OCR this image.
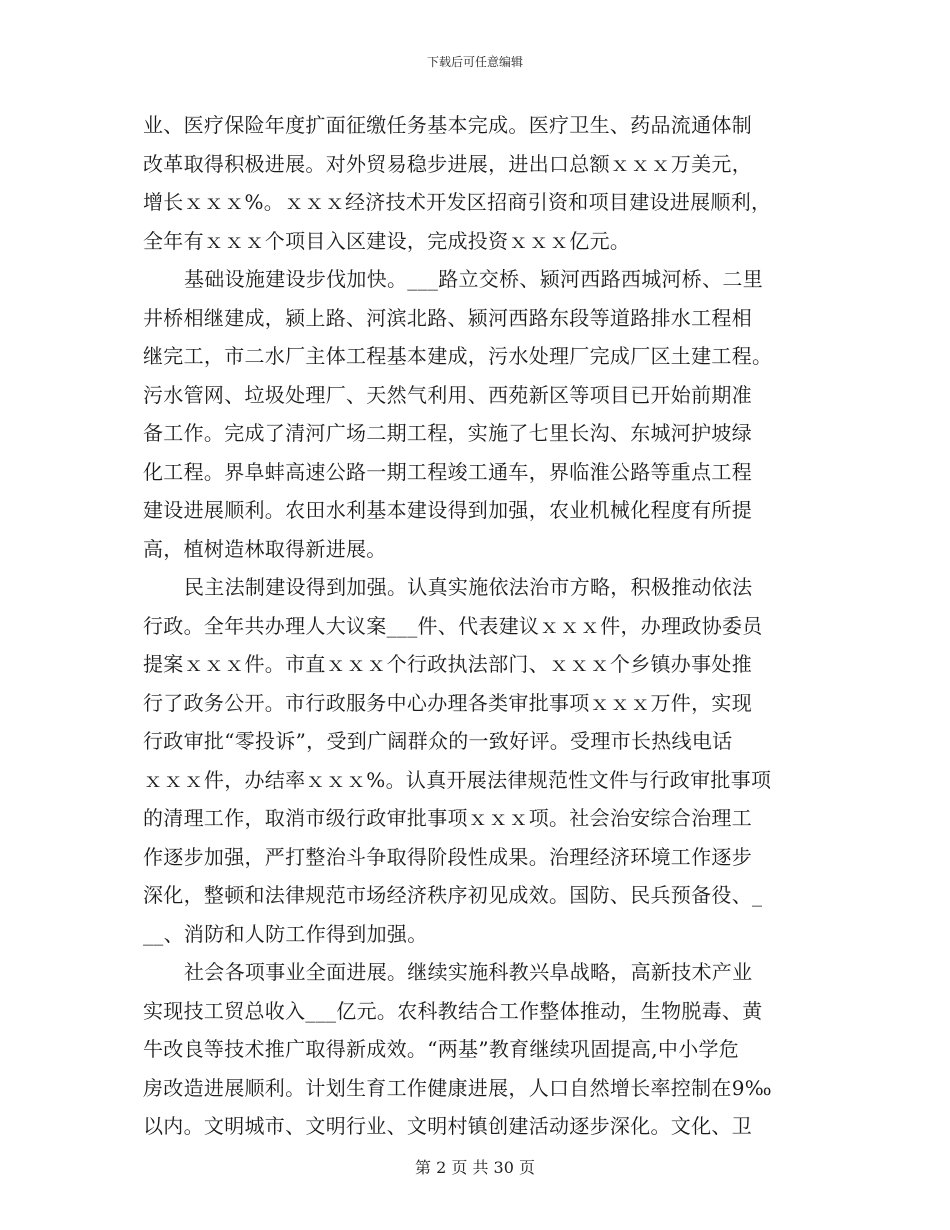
下载后可任意编辑
业、医疗保险年度扩面征缴任务基本完成。医疗卫生、药品流通体制
改革取得积极进展。对外贸易稳步进展，进出口总额ｘｘｘ万美元，
增长ｘｘｘ%。ｘｘｘ经济技术开发区招商引资和项目建设进展顺利，
全年有ｘｘｘ个项目入区建设，完成投资ｘｘｘ亿元。
基础设施建设步伐加快。___路立交桥、颍河西路西城河桥、二里
井桥相继建成，颍上路、河滨北路、颍河西路东段等道路排水工程相
继完工，市二水厂主体工程基本建成，污水处理厂完成厂区土建工程。
污水管网、垃圾处理厂、天然气利用、西苑新区等项目已开始前期准
备工作。完成了清河广场二期工程，实施了七里长沟、东城河护坡绿
化工程。界阜蚌高速公路一期工程竣工通车，界临淮公路等重点工程
建设进展顺利。农田水利基本建设得到加强，农业机械化程度有所提
高，植树造林取得新进展。
民主法制建设得到加强。认真实施依法治市方略，积极推动依法
行政。全年共办理人大议案___件、代表建议ｘｘｘ件，办理政协委员
提案ｘｘｘ件。市直ｘｘｘ个行政执法部门、ｘｘｘ个乡镇办事处推
行了政务公开。市行政服务中心办理各类审批事项ｘｘｘ万件，实现
行政审批“零投诉”，受到广阔群众的一致好评。受理市长热线电话
ｘｘｘ件，办结率ｘｘｘ%。认真开展法律规范性文件与行政审批事项
的清理工作，取消市级行政审批事项ｘｘｘ项。社会治安综合治理工
作逐步加强，严打整治斗争取得阶段性成果。治理经济环境工作逐步
深化，整顿和法律规范市场经济秩序初见成效。国防、民兵预备役、_
__、消防和人防工作得到加强。
社会各项事业全面进展。继续实施科教兴阜战略，高新技术产业
实现技工贸总收入___亿元。农科教结合工作整体推动，生物脱毒、黄
牛改良等技术推广取得新成效。“两基”教育继续巩固提高,中小学危
房改造进展顺利。计划生育工作健康进展，人口自然增长率控制在9‰
以内。文明城市、文明行业、文明村镇创建活动逐步深化。文化、卫
第 2 页 共 30 页
